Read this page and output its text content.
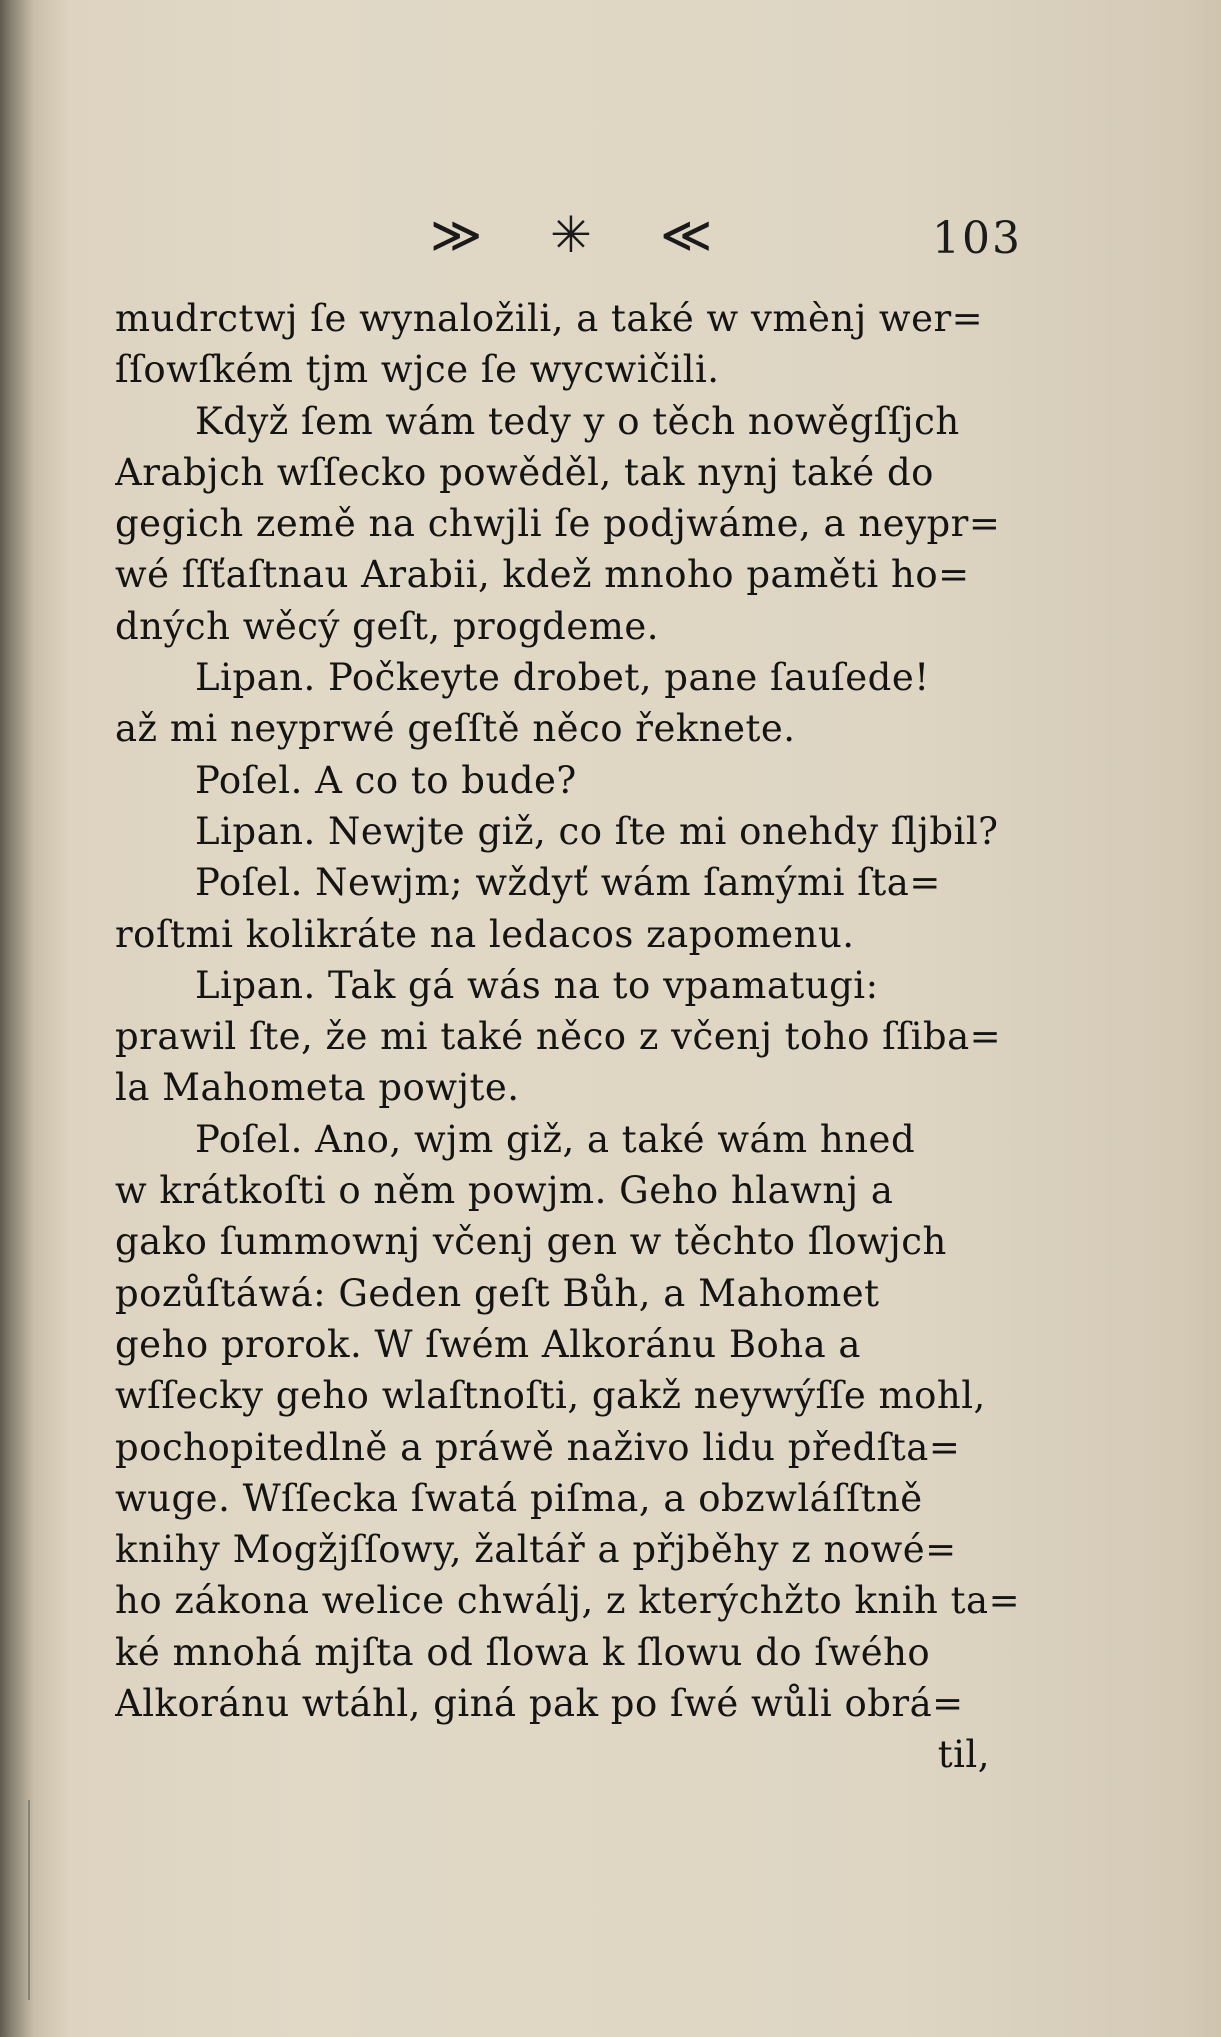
≫ ✳ ≪	103
mudrctwj ſe wynaložili, a také w vmènj wer=
ſſowſkém tjm wjce ſe wycwičili.
Když ſem wám tedy y o těch nowěgſſjch
Arabjch wſſecko powěděl, tak nynj také do
gegich země na chwjli ſe podjwáme, a neypr=
wé ſſťaſtnau Arabii, kdež mnoho paměti ho=
dných wěcý geſt, progdeme.
Lipan. Počkeyte drobet, pane ſauſede!
až mi neyprwé geſſtě něco řeknete.
Poſel. A co to bude?
Lipan. Newjte giž, co ſte mi onehdy ſljbil?
Poſel. Newjm; wždyť wám ſamými ſta=
roſtmi kolikráte na ledacos zapomenu.
Lipan. Tak gá wás na to vpamatugi:
prawil ſte, že mi také něco z včenj toho ſſiba=
la Mahometa powjte.
Poſel. Ano, wjm giž, a také wám hned
w krátkoſti o něm powjm. Geho hlawnj a
gako ſummownj včenj gen w těchto ſlowjch
pozůſtáwá: Geden geſt Bůh, a Mahomet
geho prorok. W ſwém Alkoránu Boha a
wſſecky geho wlaſtnoſti, gakž neywýſſe mohl,
pochopitedlně a práwě naživo lidu předſta=
wuge. Wſſecka ſwatá piſma, a obzwláſſtně
knihy Mogžjſſowy, žaltář a přjběhy z nowé=
ho zákona welice chwálj, z kterýchžto knih ta=
ké mnohá mjſta od ſlowa k ſlowu do ſwého
Alkoránu wtáhl, giná pak po ſwé wůli obrá=
til,
